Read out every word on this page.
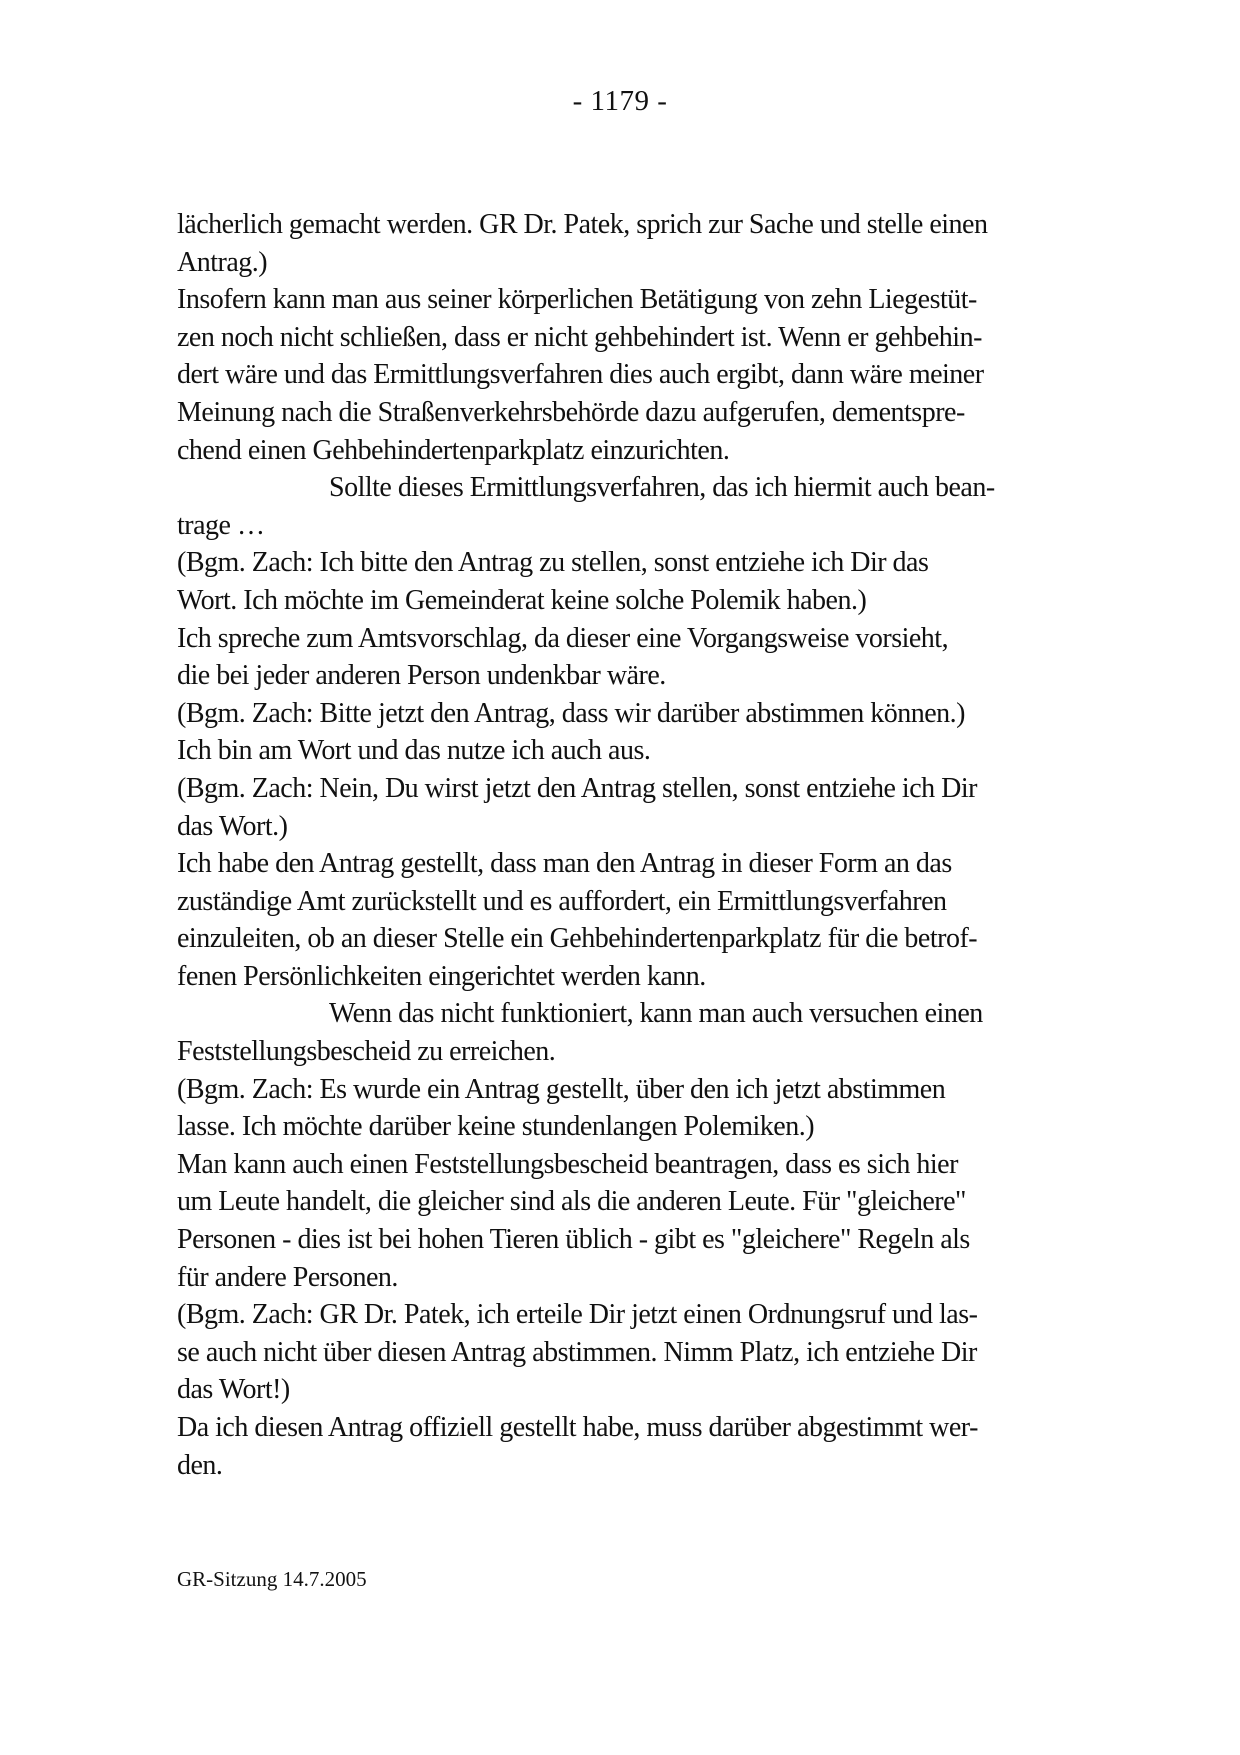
- 1179 -
lächerlich gemacht werden. GR Dr. Patek, sprich zur Sache und stelle einen
Antrag.)
Insofern kann man aus seiner körperlichen Betätigung von zehn Liegestüt-
zen noch nicht schließen, dass er nicht gehbehindert ist. Wenn er gehbehin-
dert wäre und das Ermittlungsverfahren dies auch ergibt, dann wäre meiner
Meinung nach die Straßenverkehrsbehörde dazu aufgerufen, dementspre-
chend einen Gehbehindertenparkplatz einzurichten.
Sollte dieses Ermittlungsverfahren, das ich hiermit auch bean-
trage …
(Bgm. Zach: Ich bitte den Antrag zu stellen, sonst entziehe ich Dir das
Wort. Ich möchte im Gemeinderat keine solche Polemik haben.)
Ich spreche zum Amtsvorschlag, da dieser eine Vorgangsweise vorsieht,
die bei jeder anderen Person undenkbar wäre.
(Bgm. Zach: Bitte jetzt den Antrag, dass wir darüber abstimmen können.)
Ich bin am Wort und das nutze ich auch aus.
(Bgm. Zach: Nein, Du wirst jetzt den Antrag stellen, sonst entziehe ich Dir
das Wort.)
Ich habe den Antrag gestellt, dass man den Antrag in dieser Form an das
zuständige Amt zurückstellt und es auffordert, ein Ermittlungsverfahren
einzuleiten, ob an dieser Stelle ein Gehbehindertenparkplatz für die betrof-
fenen Persönlichkeiten eingerichtet werden kann.
Wenn das nicht funktioniert, kann man auch versuchen einen
Feststellungsbescheid zu erreichen.
(Bgm. Zach: Es wurde ein Antrag gestellt, über den ich jetzt abstimmen
lasse. Ich möchte darüber keine stundenlangen Polemiken.)
Man kann auch einen Feststellungsbescheid beantragen, dass es sich hier
um Leute handelt, die gleicher sind als die anderen Leute. Für "gleichere"
Personen - dies ist bei hohen Tieren üblich - gibt es "gleichere" Regeln als
für andere Personen.
(Bgm. Zach: GR Dr. Patek, ich erteile Dir jetzt einen Ordnungsruf und las-
se auch nicht über diesen Antrag abstimmen. Nimm Platz, ich entziehe Dir
das Wort!)
Da ich diesen Antrag offiziell gestellt habe, muss darüber abgestimmt wer-
den.
GR-Sitzung 14.7.2005
